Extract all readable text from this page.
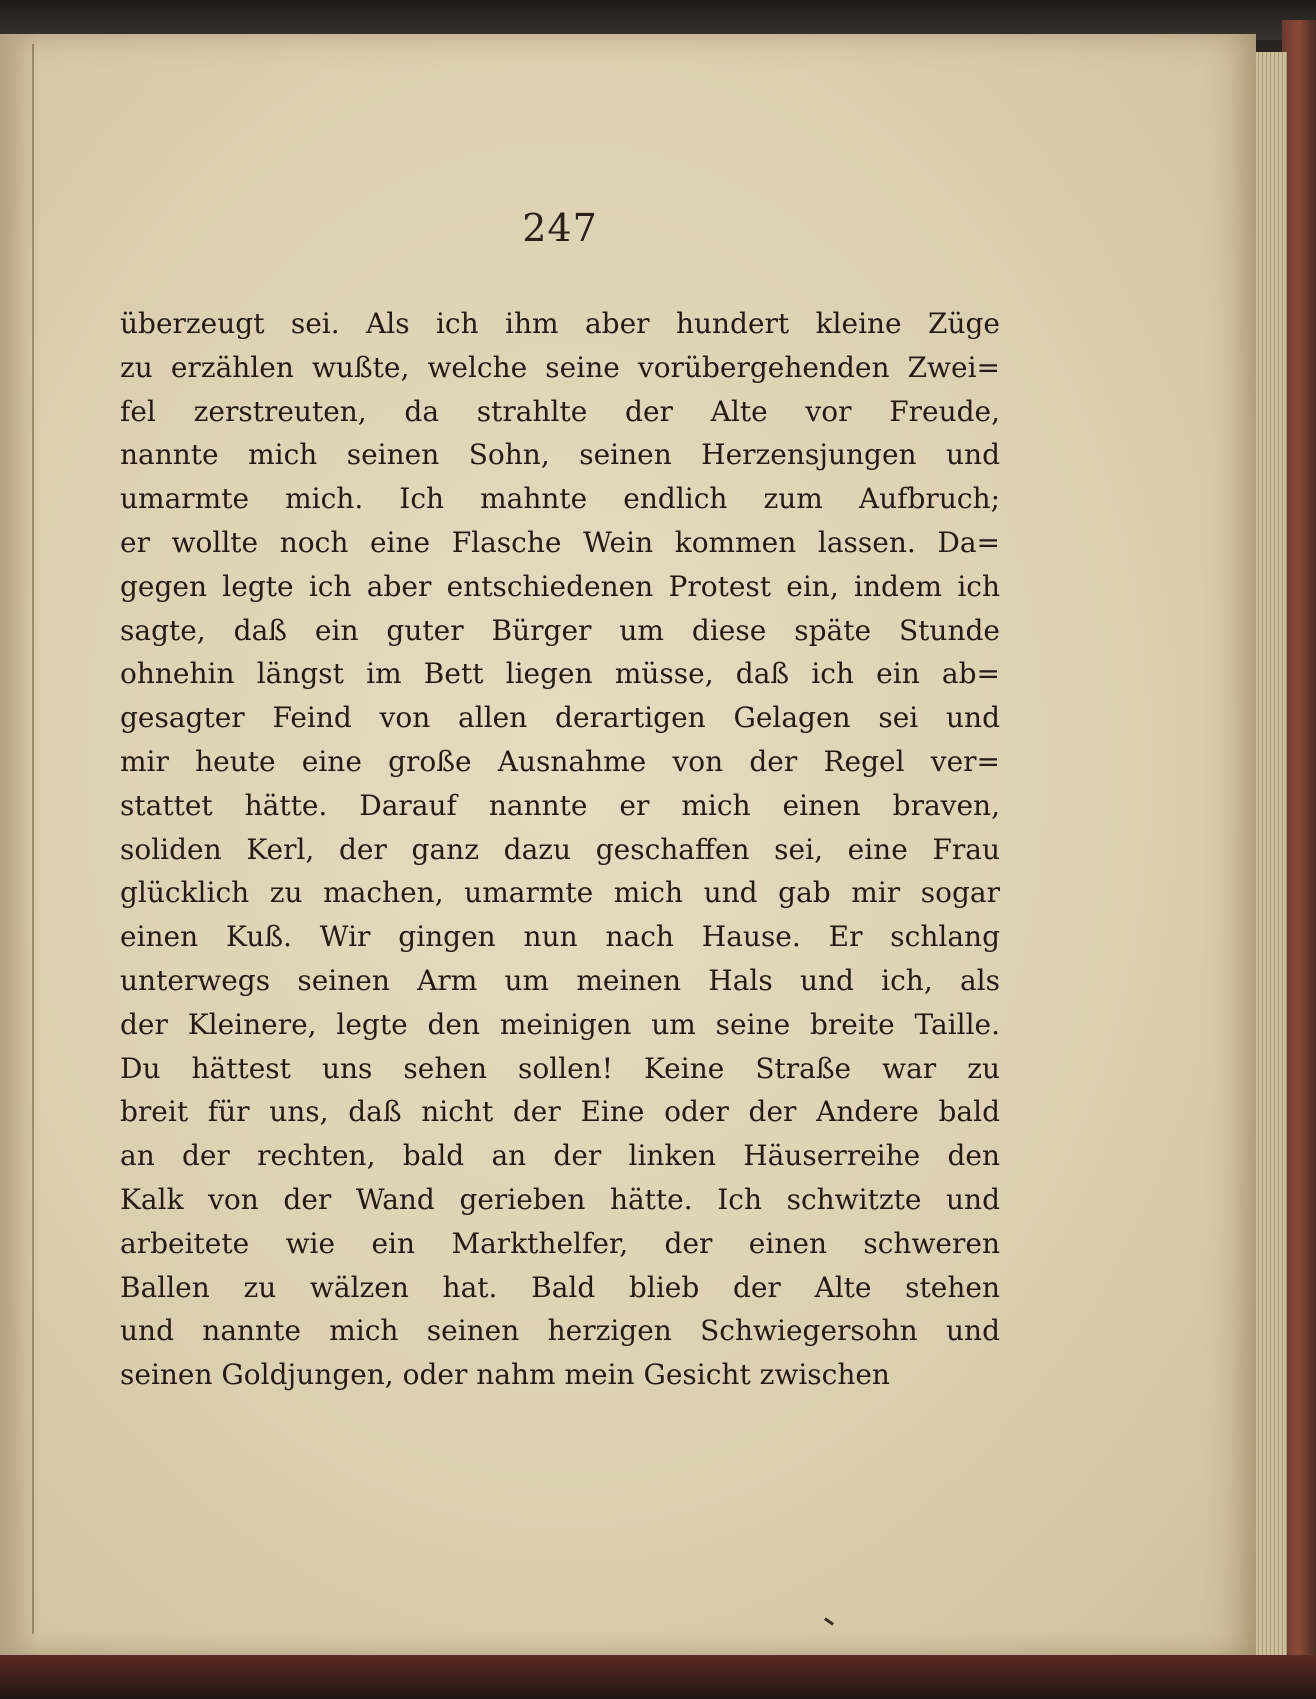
247
überzeugt sei. Als ich ihm aber hundert kleine Züge
zu erzählen wußte, welche seine vorübergehenden Zwei=
fel zerstreuten, da strahlte der Alte vor Freude,
nannte mich seinen Sohn, seinen Herzensjungen und
umarmte mich. Ich mahnte endlich zum Aufbruch;
er wollte noch eine Flasche Wein kommen lassen. Da=
gegen legte ich aber entschiedenen Protest ein, indem ich
sagte, daß ein guter Bürger um diese späte Stunde
ohnehin längst im Bett liegen müsse, daß ich ein ab=
gesagter Feind von allen derartigen Gelagen sei und
mir heute eine große Ausnahme von der Regel ver=
stattet hätte. Darauf nannte er mich einen braven,
soliden Kerl, der ganz dazu geschaffen sei, eine Frau
glücklich zu machen, umarmte mich und gab mir sogar
einen Kuß. Wir gingen nun nach Hause. Er schlang
unterwegs seinen Arm um meinen Hals und ich, als
der Kleinere, legte den meinigen um seine breite Taille.
Du hättest uns sehen sollen! Keine Straße war zu
breit für uns, daß nicht der Eine oder der Andere bald
an der rechten, bald an der linken Häuserreihe den
Kalk von der Wand gerieben hätte. Ich schwitzte und
arbeitete wie ein Markthelfer, der einen schweren
Ballen zu wälzen hat. Bald blieb der Alte stehen
und nannte mich seinen herzigen Schwiegersohn und
seinen Goldjungen, oder nahm mein Gesicht zwischen
